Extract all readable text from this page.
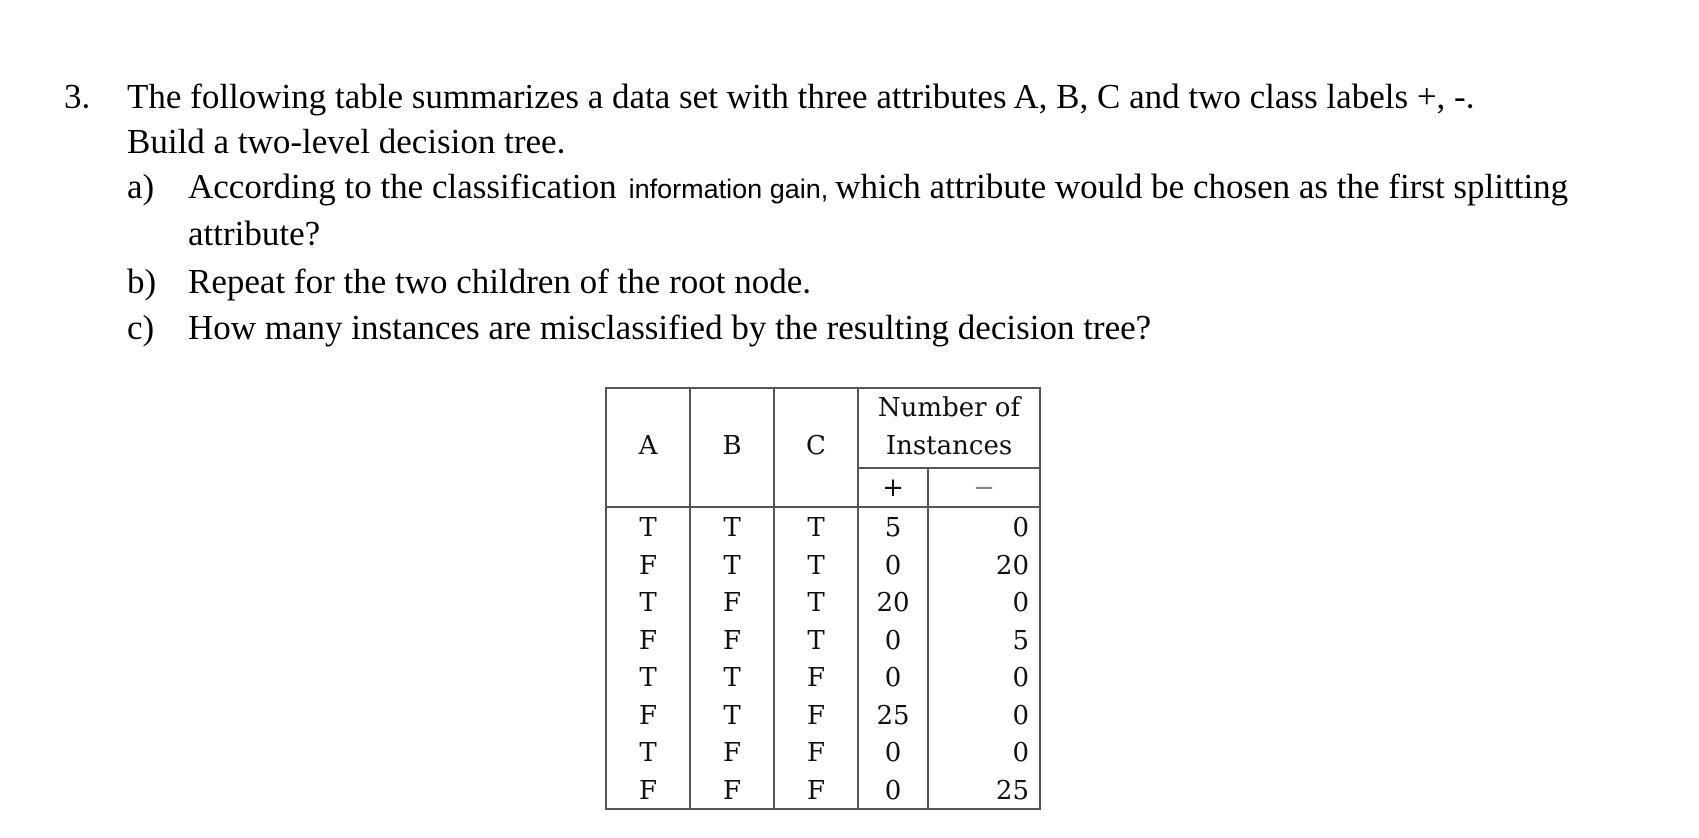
3. The following table summarizes a data set with three attributes A, B, C and two class labels +, -.
Build a two-level decision tree.
a) According to the classification information gain, which attribute would be chosen as the first splitting
attribute?
b) Repeat for the two children of the root node.
c) How many instances are misclassified by the resulting decision tree?
A	B	C
Number of
Instances
+	−
T	T	T	5	0
F	T	T	0	20
T	F	T	20	0
F	F	T	0	5
T	T	F	0	0
F	T	F	25	0
T	F	F	0	0
F	F	F	0	25
